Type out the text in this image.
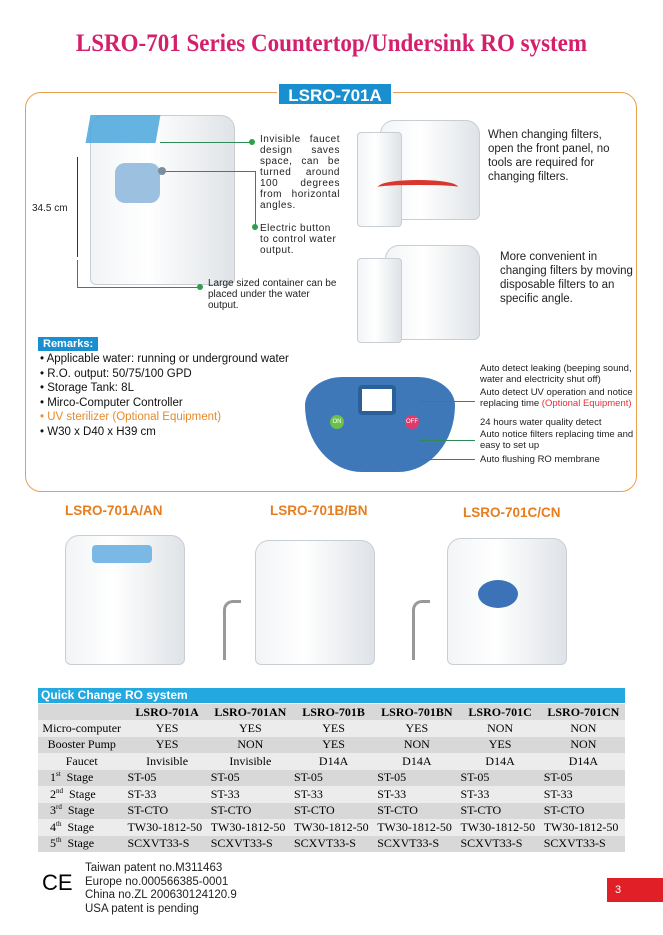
LSRO-701 Series Countertop/Undersink RO system
LSRO-701A
34.5 cm
Invisible faucet design saves space, can be turned around 100 degrees from horizontal angles.
Electric button to control water output.
Large sized container can be placed under the water output.
When changing filters, open the front panel, no tools are required for changing filters.
More convenient in changing filters by moving disposable filters to an specific angle.
Remarks:
• Applicable water: running or underground water
• R.O. output: 50/75/100 GPD
• Storage Tank: 8L
• Mirco-Computer Controller
• UV sterilizer (Optional Equipment)
• W30 x D40 x H39 cm
ON	OFF
Auto detect leaking (beeping sound, water and electricity shut off)
Auto detect UV operation and notice replacing time (Optional Equipment)
24 hours water quality detect
Auto notice filters replacing time and easy to set up
Auto flushing RO membrane
LSRO-701A/AN	LSRO-701B/BN	LSRO-701C/CN
Quick Change RO system
	LSRO-701A	LSRO-701AN	LSRO-701B	LSRO-701BN	LSRO-701C	LSRO-701CN
Micro-computer	YES	YES	YES	YES	NON	NON
Booster Pump	YES	NON	YES	NON	YES	NON
Faucet	Invisible	Invisible	D14A	D14A	D14A	D14A
1st Stage	ST-05	ST-05	ST-05	ST-05	ST-05	ST-05
2nd Stage	ST-33	ST-33	ST-33	ST-33	ST-33	ST-33
3rd Stage	ST-CTO	ST-CTO	ST-CTO	ST-CTO	ST-CTO	ST-CTO
4th Stage	TW30-1812-50	TW30-1812-50	TW30-1812-50	TW30-1812-50	TW30-1812-50	TW30-1812-50
5th Stage	SCXVT33-S	SCXVT33-S	SCXVT33-S	SCXVT33-S	SCXVT33-S	SCXVT33-S
CE
Taiwan patent no.M311463
Europe no.000566385-0001
China no.ZL 200630124120.9
USA patent is pending
3
